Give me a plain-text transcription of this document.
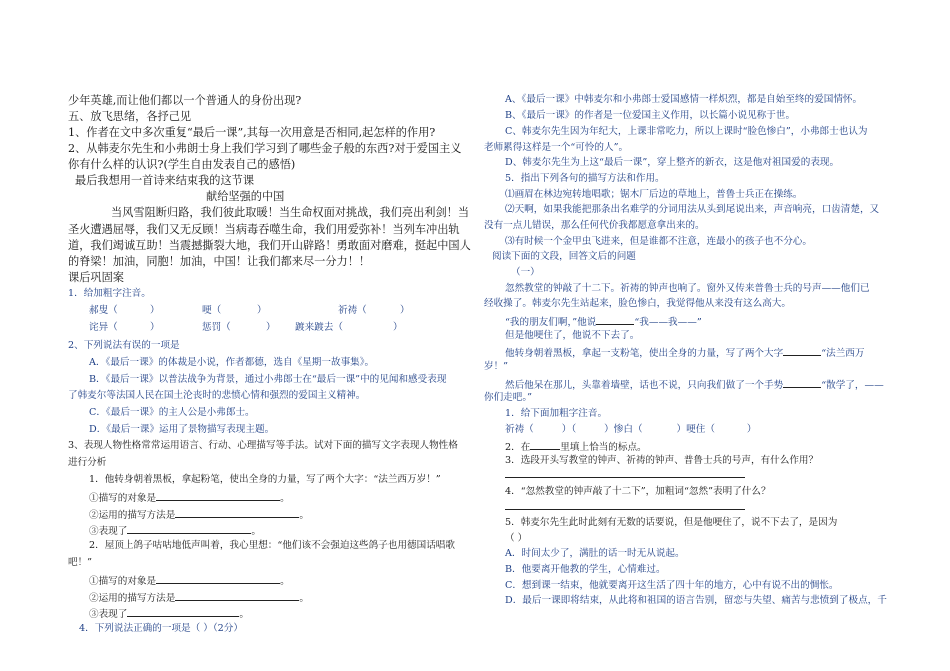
少年英雄,而让他们都以一个普通人的身份出现?
五、放飞思绪，各抒己见
1、作者在文中多次重复“最后一课”,其每一次用意是否相同,起怎样的作用?
2、从韩麦尔先生和小弗朗士身上我们学习到了哪些金子般的东西?对于爱国主义
你有什么样的认识?(学生自由发表自己的感悟)
最后我想用一首诗来结束我的这节课
献给坚强的中国
当风雪阻断归路，我们彼此取暖！当生命权面对挑战，我们亮出利剑！当
圣火遭遇屈辱，我们又无反顾！当病毒吞噬生命，我们用爱弥补！当列车冲出轨
道，我们竭诚互助！当震撼撕裂大地，我们开山辟路！勇敢面对磨难，挺起中国人
的脊梁！加油，同胞！加油，中国！让我们都来尽一分力！！
课后巩固案
1．给加粗字注音。
郝叟（	）	哽（	）	祈祷（	）
诧异（	）	惩罚（	） 踱来踱去（	）
2、下列说法有误的一项是
A．《最后一课》的体裁是小说，作者都德，选自《星期一故事集》。
B．《最后一课》以普法战争为背景，通过小弗郎士在“最后一课”中的见闻和感受表现
了韩麦尔等法国人民在国土沦丧时的悲愤心情和强烈的爱国主义精神。
C．《最后一课》的主人公是小弗郎士。
D．《最后一课》运用了景物描写表现主题。
3、表现人物性格常常运用语言、行动、心理描写等手法。试对下面的描写文字表现人物性格
进行分析
1．他转身朝着黑板，拿起粉笔，使出全身的力量，写了两个大字：“法兰西万岁！”
①描写的对象是	。
②运用的描写方法是	。
③表现了	。
2．屋顶上鸽子咕咕地低声叫着，我心里想：“他们该不会强迫这些鸽子也用德国话唱歌
吧！”
①描写的对象是	。
②运用的描写方法是	。
③表现了	。
4．下列说法正确的一项是（ ）（2分）
A、《最后一课》中韩麦尔和小弗郎士爱国感情一样炽烈，都是自始至终的爱国情怀。
B、《最后一课》的作者是一位爱国主义作用，以长篇小说见称于世。
C、韩麦尔先生因为年纪大，上课非常吃力，所以上课时“脸色惨白”，小弗郎士也认为
老师累得这样是一个“可怜的人”。
D、韩麦尔先生为上这“最后一课”，穿上整齐的新衣，这是他对祖国爱的表现。
5．指出下列各句的描写方法和作用。
⑴画眉在林边宛转地唱歌；锯木厂后边的草地上，普鲁士兵正在操练。
⑵天啊，如果我能把那条出名难学的分词用法从头到尾说出来，声音响亮，口齿清楚，又
没有一点儿错误，那么任何代价我都愿意拿出来的。
⑶有时候一个金甲虫飞进来，但是谁都不注意，连最小的孩子也不分心。
阅读下面的文段，回答文后的问题
（一）
忽然教堂的钟敲了十二下。祈祷的钟声也响了。窗外又传来普鲁士兵的号声——他们已
经收操了。韩麦尔先生站起来，脸色惨白，我觉得他从来没有这么高大。
“我的朋友们啊，”他说	“我——我——”
但是他哽住了，他说不下去了。
他转身朝着黑板，拿起一支粉笔，使出全身的力量，写了两个大字	“法兰西万
岁！”
然后他呆在那儿，头靠着墙壁，话也不说，只向我们做了一个手势	“散学了，——
你们走吧。”
1．给下面加粗字注音。
祈祷（	）（	）惨白（	）哽住（	）
2．在	里填上恰当的标点。
3．选段开头写教堂的钟声、祈祷的钟声、普鲁士兵的号声，有什么作用？
4．“忽然教堂的钟声敲了十二下”，加粗词“忽然”表明了什么？
5．韩麦尔先生此时此刻有无数的话要说，但是他哽住了，说不下去了，是因为
（ ）
A．时间太少了，满肚的话一时无从说起。
B．他要离开他教的学生，心情难过。
C．想到课一结束，他就要离开这生活了四十年的地方，心中有说不出的惆怅。
D．最后一课即将结束，从此将和祖国的语言告别，留恋与失望、痛苦与悲愤到了极点，千
